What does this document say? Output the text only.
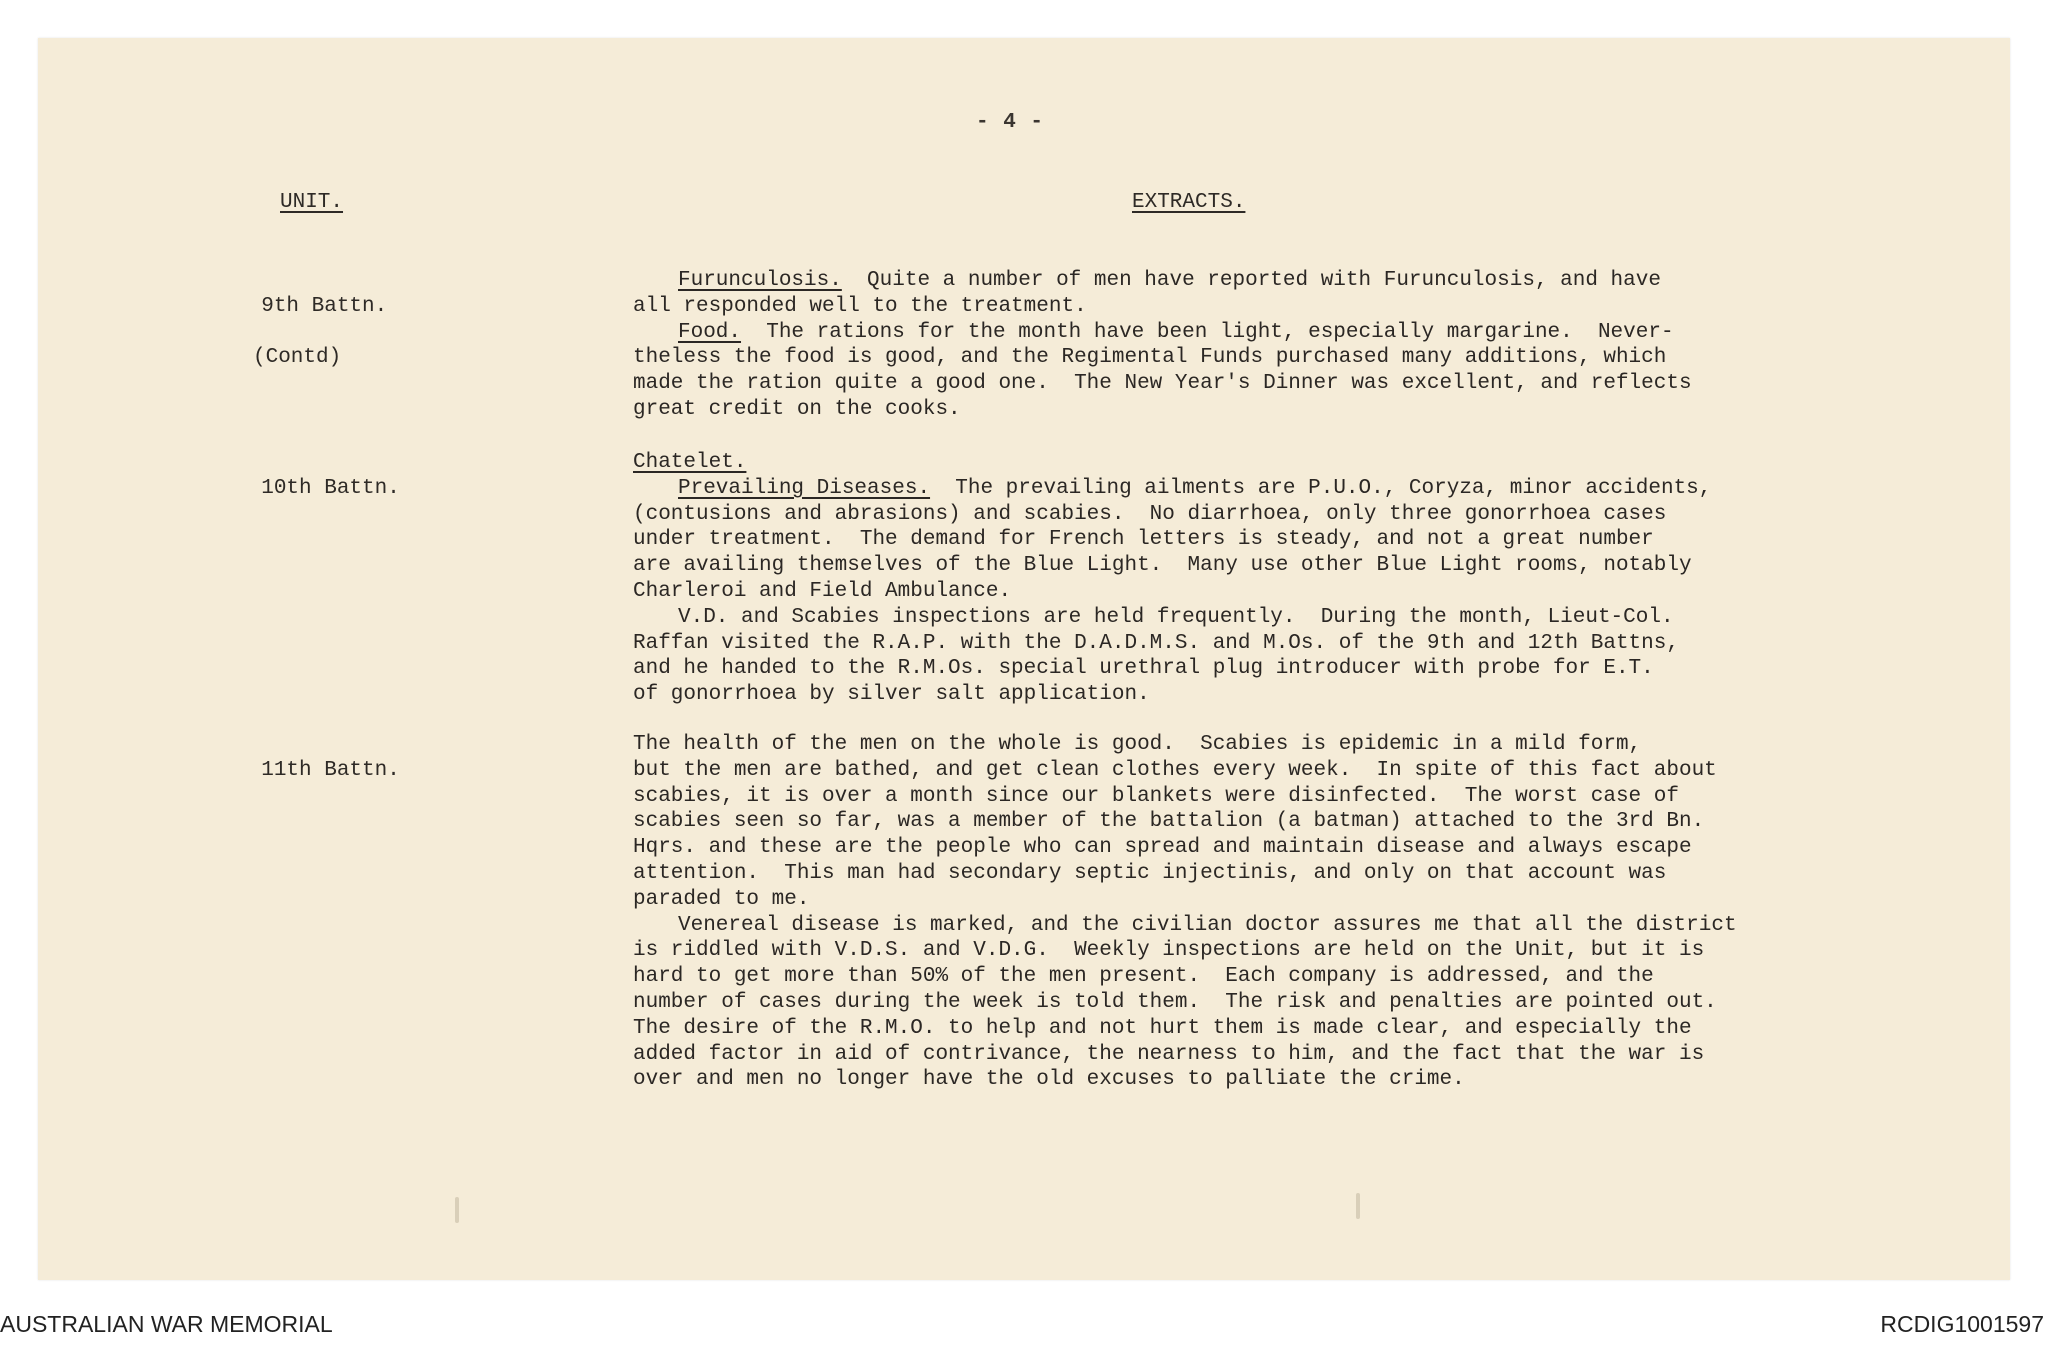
- 4 -
UNIT.	EXTRACTS.

9th Battn.

(Contd)

Furunculosis.  Quite a number of men have reported with Furunculosis, and have

all responded well to the treatment.

Food.  The rations for the month have been light, especially margarine.  Never-

theless the food is good, and the Regimental Funds purchased many additions, which
made the ration quite a good one.  The New Year's Dinner was excellent, and reflects
great credit on the cooks.

10th Battn.

Chatelet.

Prevailing Diseases.  The prevailing ailments are P.U.O., Coryza, minor accidents,

(contusions and abrasions) and scabies.  No diarrhoea, only three gonorrhoea cases
under treatment.  The demand for French letters is steady, and not a great number
are availing themselves of the Blue Light.  Many use other Blue Light rooms, notably
Charleroi and Field Ambulance.

V.D. and Scabies inspections are held frequently.  During the month, Lieut-Col.

Raffan visited the R.A.P. with the D.A.D.M.S. and M.Os. of the 9th and 12th Battns,
and he handed to the R.M.Os. special urethral plug introducer with probe for E.T.
of gonorrhoea by silver salt application.

11th Battn.

The health of the men on the whole is good.  Scabies is epidemic in a mild form,
but the men are bathed, and get clean clothes every week.  In spite of this fact about
scabies, it is over a month since our blankets were disinfected.  The worst case of
scabies seen so far, was a member of the battalion (a batman) attached to the 3rd Bn.
Hqrs. and these are the people who can spread and maintain disease and always escape
attention.  This man had secondary septic injectinis, and only on that account was
paraded to me.

Venereal disease is marked, and the civilian doctor assures me that all the district

is riddled with V.D.S. and V.D.G.  Weekly inspections are held on the Unit, but it is
hard to get more than 50% of the men present.  Each company is addressed, and the
number of cases during the week is told them.  The risk and penalties are pointed out.
The desire of the R.M.O. to help and not hurt them is made clear, and especially the
added factor in aid of contrivance, the nearness to him, and the fact that the war is
over and men no longer have the old excuses to palliate the crime.

AUSTRALIAN WAR MEMORIAL	RCDIG1001597
